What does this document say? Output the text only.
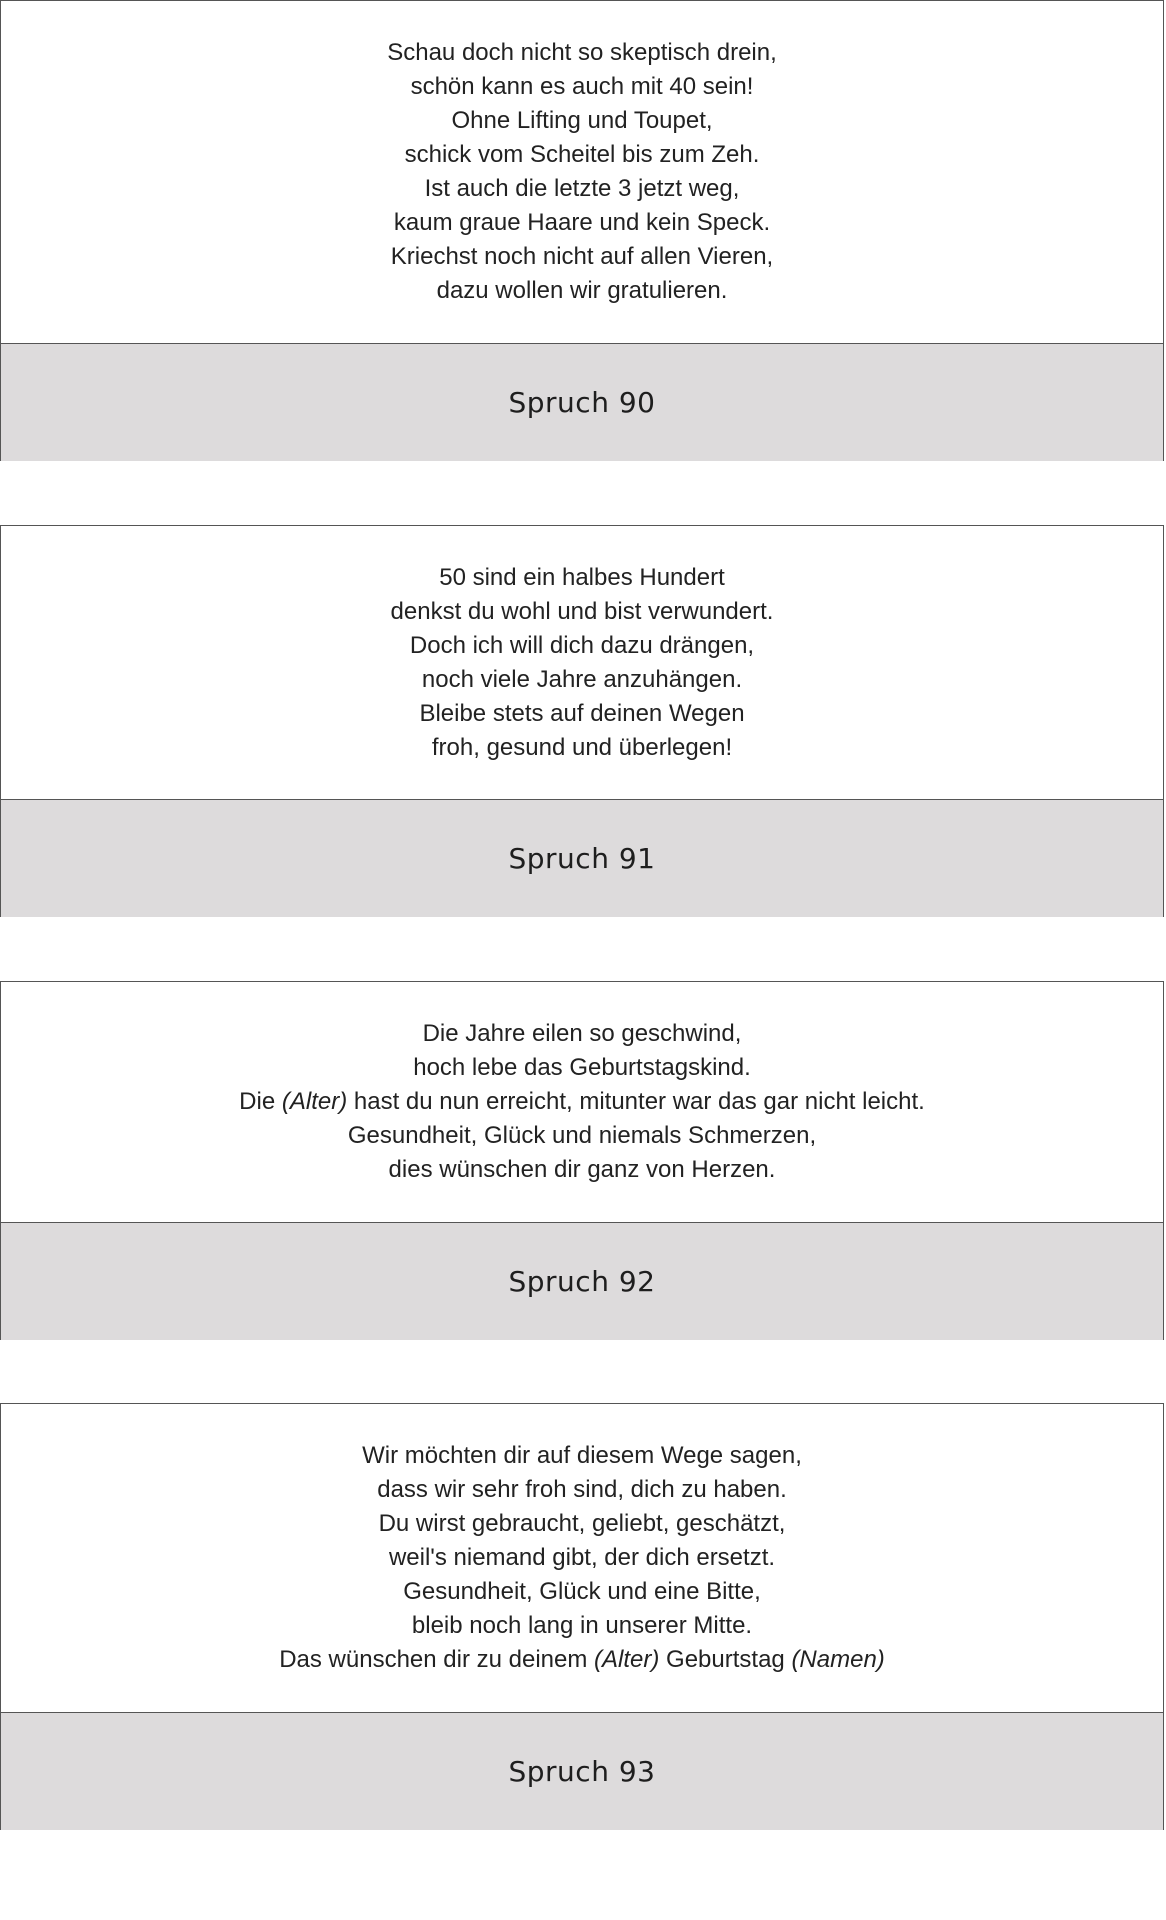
Schau doch nicht so skeptisch drein,
schön kann es auch mit 40 sein!
Ohne Lifting und Toupet,
schick vom Scheitel bis zum Zeh.
Ist auch die letzte 3 jetzt weg,
kaum graue Haare und kein Speck.
Kriechst noch nicht auf allen Vieren,
dazu wollen wir gratulieren.
Spruch 90
50 sind ein halbes Hundert
denkst du wohl und bist verwundert.
Doch ich will dich dazu drängen,
noch viele Jahre anzuhängen.
Bleibe stets auf deinen Wegen
froh, gesund und überlegen!
Spruch 91
Die Jahre eilen so geschwind,
hoch lebe das Geburtstagskind.
Die (Alter) hast du nun erreicht, mitunter war das gar nicht leicht.
Gesundheit, Glück und niemals Schmerzen,
dies wünschen dir ganz von Herzen.
Spruch 92
Wir möchten dir auf diesem Wege sagen,
dass wir sehr froh sind, dich zu haben.
Du wirst gebraucht, geliebt, geschätzt,
weil's niemand gibt, der dich ersetzt.
Gesundheit, Glück und eine Bitte,
bleib noch lang in unserer Mitte.
Das wünschen dir zu deinem (Alter) Geburtstag (Namen)
Spruch 93
